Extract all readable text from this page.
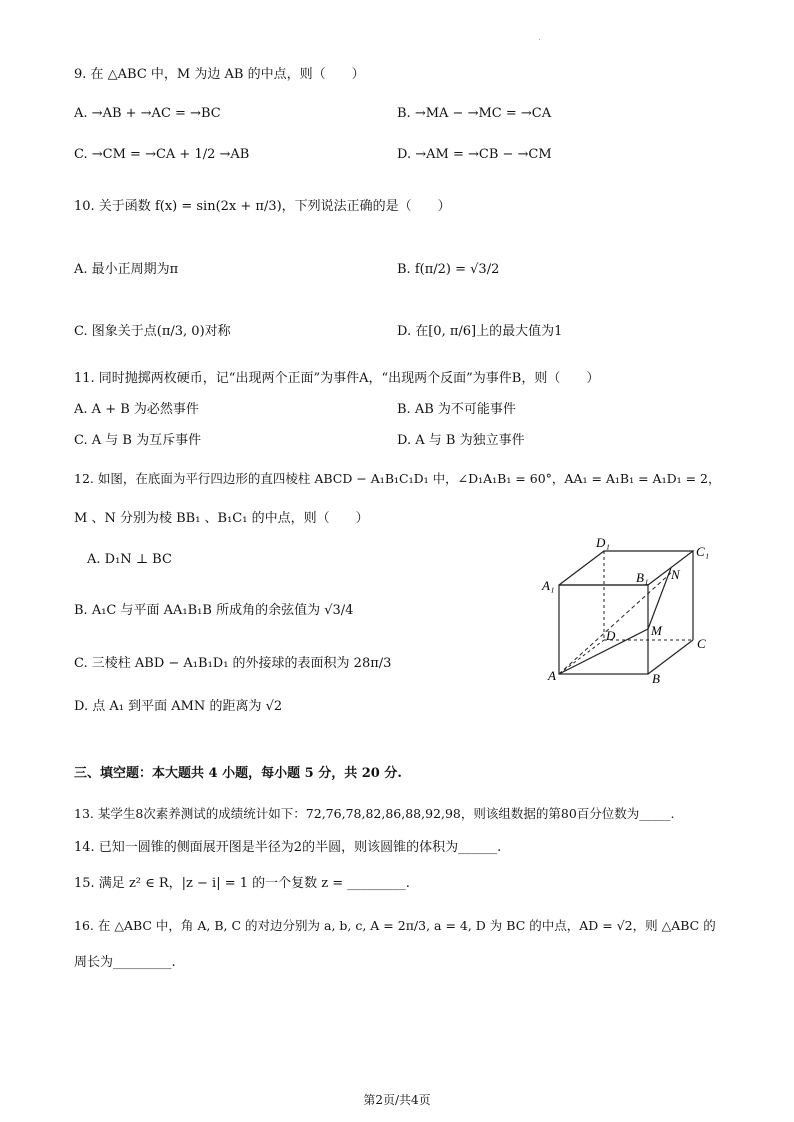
.
9. 在 △ABC 中，M 为边 AB 的中点，则（　　）
A. →AB + →AC = →BC	B. →MA − →MC = →CA
C. →CM = →CA + 1/2 →AB	D. →AM = →CB − →CM
10. 关于函数 f(x) = sin(2x + π/3)，下列说法正确的是（　　）
A. 最小正周期为π	B. f(π/2) = √3/2
C. 图象关于点(π/3, 0)对称	D. 在[0, π/6]上的最大值为1
11. 同时抛掷两枚硬币，记“出现两个正面”为事件A，“出现两个反面”为事件B，则（　　）
A. A + B 为必然事件	B. AB 为不可能事件
C. A 与 B 为互斥事件	D. A 与 B 为独立事件
12. 如图，在底面为平行四边形的直四棱柱 ABCD − A₁B₁C₁D₁ 中，∠D₁A₁B₁ = 60°，AA₁ = A₁B₁ = A₁D₁ = 2，
M 、N 分别为棱 BB₁ 、B₁C₁ 的中点，则（　　）
A. D₁N ⊥ BC
B. A₁C 与平面 AA₁B₁B 所成角的余弦值为 √3/4
C. 三棱柱 ABD − A₁B₁D₁ 的外接球的表面积为 28π/3
D. 点 A₁ 到平面 AMN 的距离为 √2
D₁
C₁
A₁
B₁ N
D	M
C
A	B
三、填空题：本大题共 4 小题，每小题 5 分，共 20 分.
13. 某学生8次素养测试的成绩统计如下：72,76,78,82,86,88,92,98，则该组数据的第80百分位数为_____.
14. 已知一圆锥的侧面展开图是半径为2的半圆，则该圆锥的体积为______.
15. 满足 z² ∈ R，|z − i| = 1 的一个复数 z = _________.
16. 在 △ABC 中，角 A, B, C 的对边分别为 a, b, c, A = 2π/3, a = 4, D 为 BC 的中点，AD = √2，则 △ABC 的
周长为_________.
第2页/共4页
